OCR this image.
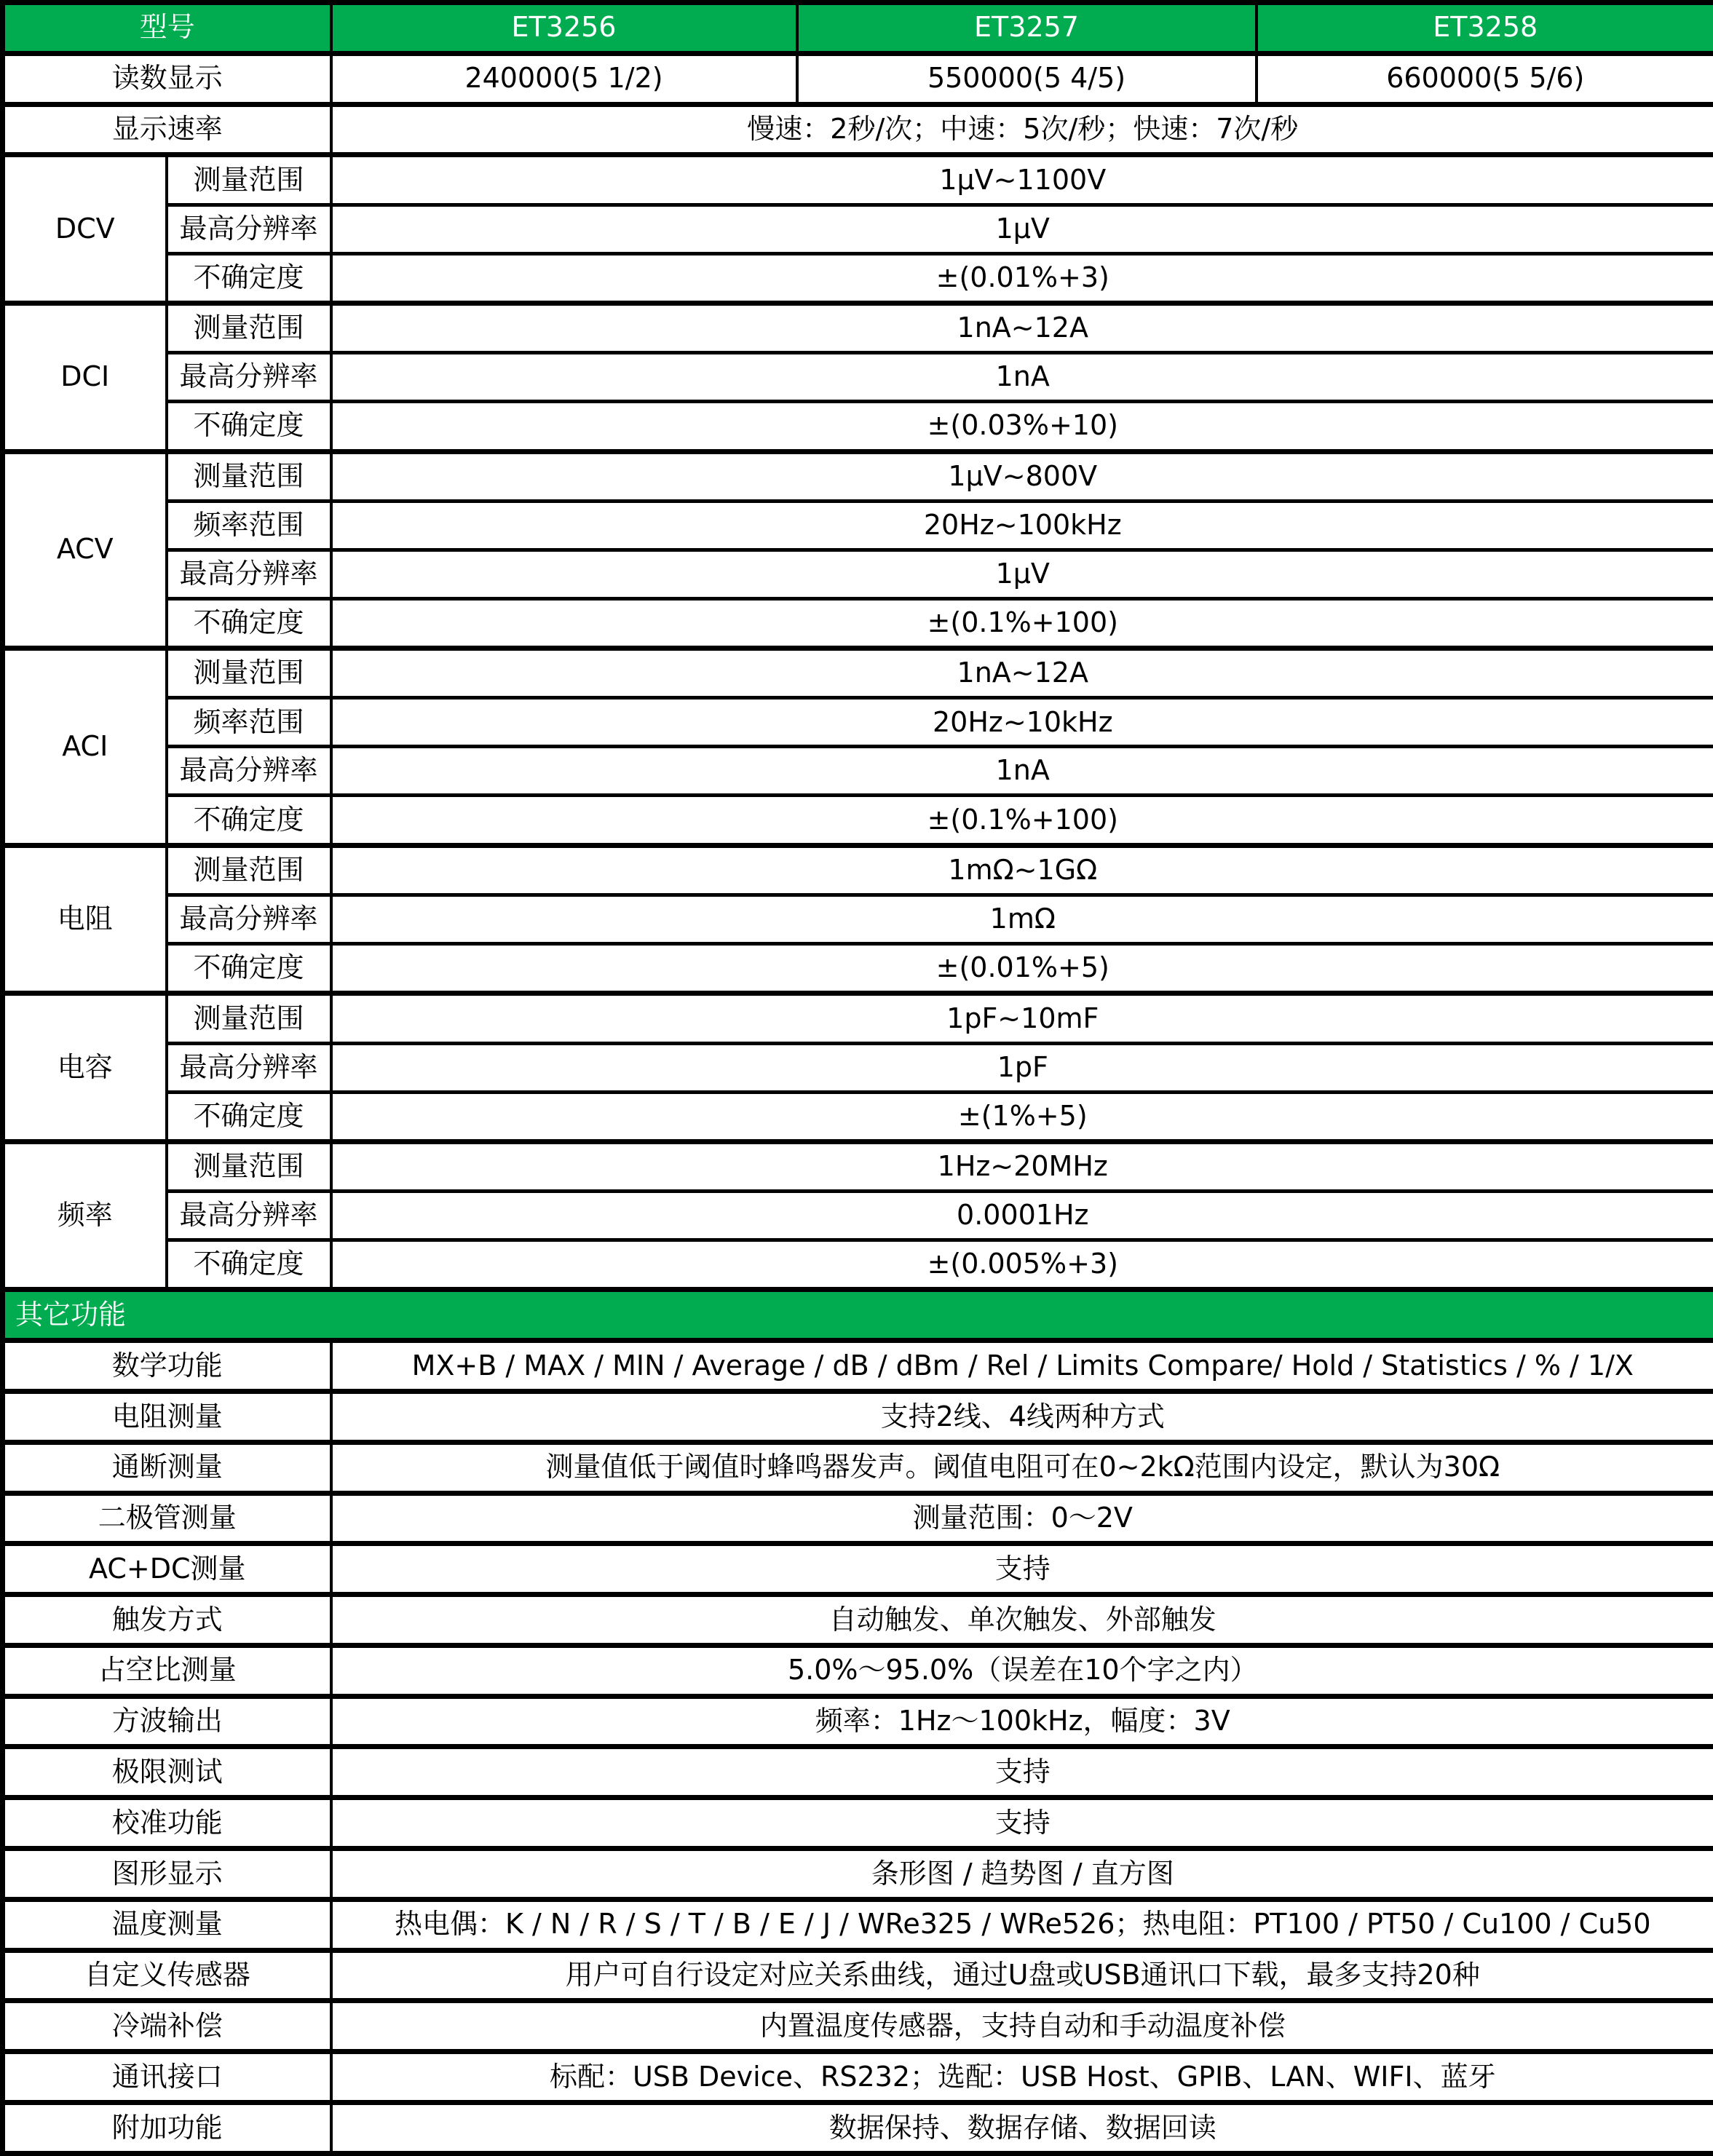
型号		ET3256	ET3257	ET3258
读数显示		240000(5 1/2)	550000(5 4/5)	660000(5 5/6)
显示速率		慢速：2秒/次；中速：5次/秒；快速：7次/秒		
DCV	测量范围	1μV~1100V		
	最高分辨率	1μV		
	不确定度	±(0.01%+3)		
DCI	测量范围	1nA~12A		
	最高分辨率	1nA		
	不确定度	±(0.03%+10)		
ACV	测量范围	1μV~800V		
	频率范围	20Hz~100kHz		
	最高分辨率	1μV		
	不确定度	±(0.1%+100)		
ACI	测量范围	1nA~12A		
	频率范围	20Hz~10kHz		
	最高分辨率	1nA		
	不确定度	±(0.1%+100)		
电阻	测量范围	1mΩ~1GΩ		
	最高分辨率	1mΩ		
	不确定度	±(0.01%+5)		
电容	测量范围	1pF~10mF		
	最高分辨率	1pF		
	不确定度	±(1%+5)		
频率	测量范围	1Hz~20MHz		
	最高分辨率	0.0001Hz		
	不确定度	±(0.005%+3)		
其它功能				
数学功能		MX+B / MAX / MIN / Average / dB / dBm / Rel / Limits Compare/ Hold / Statistics / % / 1/X		
电阻测量		支持2线、4线两种方式		
通断测量		测量值低于阈值时蜂鸣器发声。阈值电阻可在0~2kΩ范围内设定，默认为30Ω		
二极管测量		测量范围：0～2V		
AC+DC测量		支持		
触发方式		自动触发、单次触发、外部触发		
占空比测量		5.0%～95.0%（误差在10个字之内）		
方波输出		频率：1Hz～100kHz，幅度：3V		
极限测试		支持		
校准功能		支持		
图形显示		条形图 / 趋势图 / 直方图		
温度测量		热电偶：K / N / R / S / T / B / E / J / WRe325 / WRe526；热电阻：PT100 / PT50 / Cu100 / Cu50		
自定义传感器		用户可自行设定对应关系曲线，通过U盘或USB通讯口下载，最多支持20种		
冷端补偿		内置温度传感器，支持自动和手动温度补偿		
通讯接口		标配：USB Device、RS232；选配：USB Host、GPIB、LAN、WIFI、蓝牙		
附加功能		数据保持、数据存储、数据回读		
